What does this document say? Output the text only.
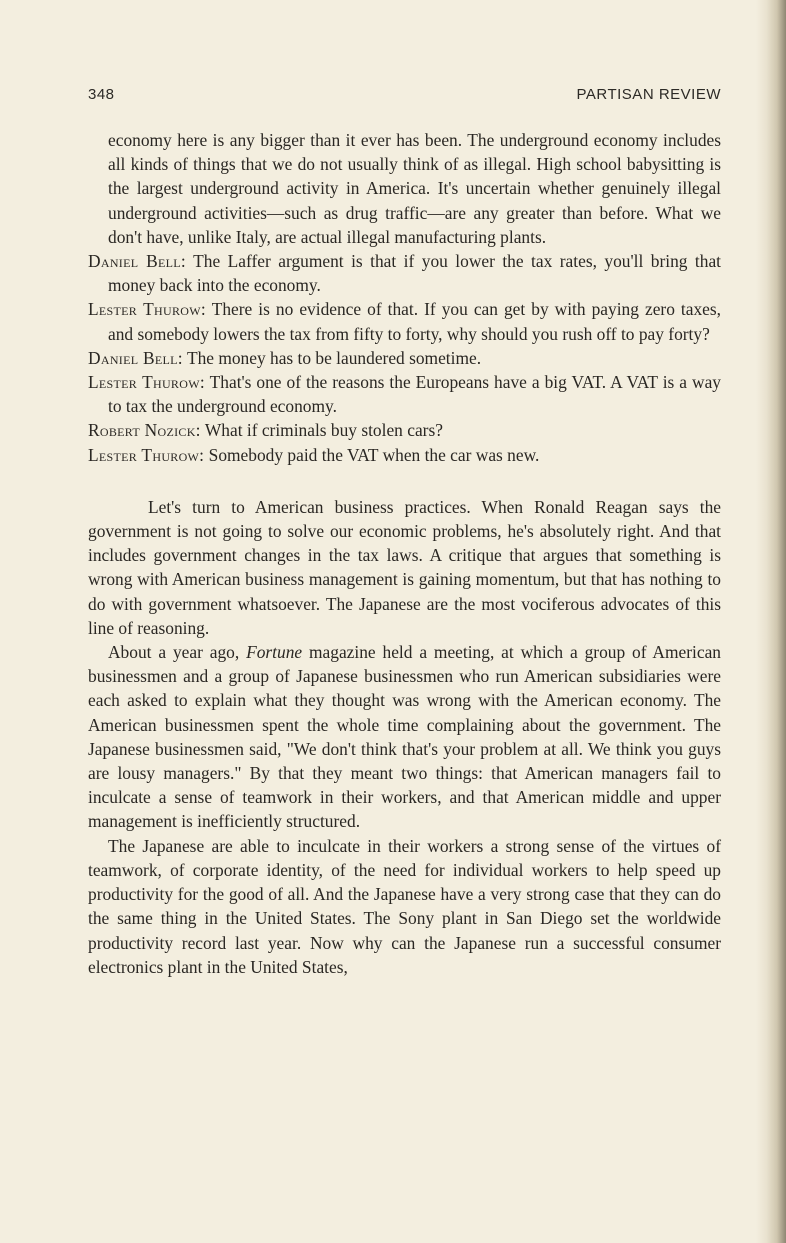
348	PARTISAN REVIEW

economy here is any bigger than it ever has been. The underground economy includes all kinds of things that we do not usually think of as illegal. High school babysitting is the largest underground activity in America. It's uncertain whether genuinely illegal underground activities—such as drug traffic—are any greater than before. What we don't have, unlike Italy, are actual illegal manufacturing plants.

Daniel Bell: The Laffer argument is that if you lower the tax rates, you'll bring that money back into the economy.

Lester Thurow: There is no evidence of that. If you can get by with paying zero taxes, and somebody lowers the tax from fifty to forty, why should you rush off to pay forty?

Daniel Bell: The money has to be laundered sometime.

Lester Thurow: That's one of the reasons the Europeans have a big VAT. A VAT is a way to tax the underground economy.

Robert Nozick: What if criminals buy stolen cars?

Lester Thurow: Somebody paid the VAT when the car was new.

Let's turn to American business practices. When Ronald Reagan says the government is not going to solve our economic problems, he's absolutely right. And that includes government changes in the tax laws. A critique that argues that something is wrong with American business management is gaining momentum, but that has nothing to do with government whatsoever. The Japanese are the most vociferous advocates of this line of reasoning.

About a year ago, Fortune magazine held a meeting, at which a group of American businessmen and a group of Japanese businessmen who run American subsidiaries were each asked to explain what they thought was wrong with the American economy. The American businessmen spent the whole time complaining about the government. The Japanese businessmen said, "We don't think that's your problem at all. We think you guys are lousy managers." By that they meant two things: that American managers fail to inculcate a sense of teamwork in their workers, and that American middle and upper management is inefficiently structured.

The Japanese are able to inculcate in their workers a strong sense of the virtues of teamwork, of corporate identity, of the need for individual workers to help speed up productivity for the good of all. And the Japanese have a very strong case that they can do the same thing in the United States. The Sony plant in San Diego set the worldwide productivity record last year. Now why can the Japanese run a successful consumer electronics plant in the United States,
